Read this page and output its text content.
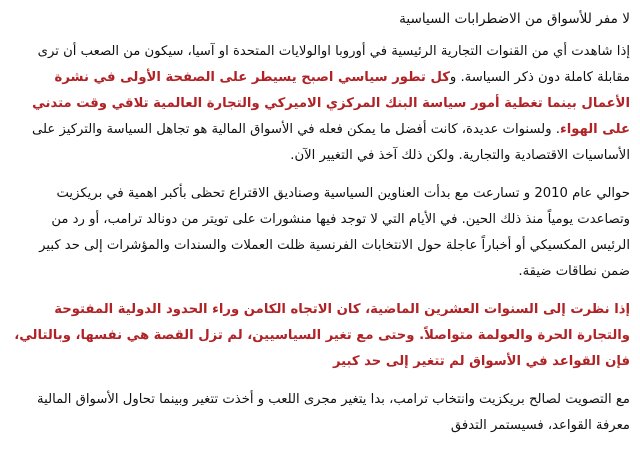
لا مفر للأسواق من الاضطرابات السياسية

إذا شاهدت أي من القنوات التجارية الرئيسية في أوروبا اوالولايات المتحدة او آسيا، سيكون من الصعب أن ترى مقابلة كاملة دون ذكر السياسة. وكل تطور سياسي اصبح يسيطر على الصفحة الأولى في نشرة الأعمال بينما تغطية أمور سياسة البنك المركزي الاميركي والتجارة العالمية تلاقي وقت متدني على الهواء. ولسنوات عديدة، كانت أفضل ما يمكن فعله في الأسواق المالية هو تجاهل السياسة والتركيز على الأساسيات الاقتصادية والتجارية. ولكن ذلك آخذ في التغيير الآن.

حوالي عام 2010 و تسارعت مع بدأت العناوين السياسية وصناديق الاقتراع تحظى بأكبر اهمية في بريكزيت وتصاعدت يومياً منذ ذلك الحين. في الأيام التي لا توجد فيها منشورات على تويتر من دونالد ترامب، أو رد من الرئيس المكسيكي أو أخباراً عاجلة حول الانتخابات الفرنسية ظلت العملات والسندات والمؤشرات إلى حد كبير ضمن نطاقات ضيقة.

إذا نظرت إلى السنوات العشرين الماضية، كان الاتجاه الكامن وراء الحدود الدولية المفتوحة والتجارة الحرة والعولمة متواصلاً. وحتى مع تغير السياسيين، لم تزل القصة هي نفسها، وبالتالي، فإن القواعد في الأسواق لم تتغير إلى حد كبير

مع التصويت لصالح بريكزيت وانتخاب ترامب، بدا يتغير مجرى اللعب و أخذت تتغير وبينما تحاول الأسواق المالية معرفة القواعد، فسيستمر التدفق
